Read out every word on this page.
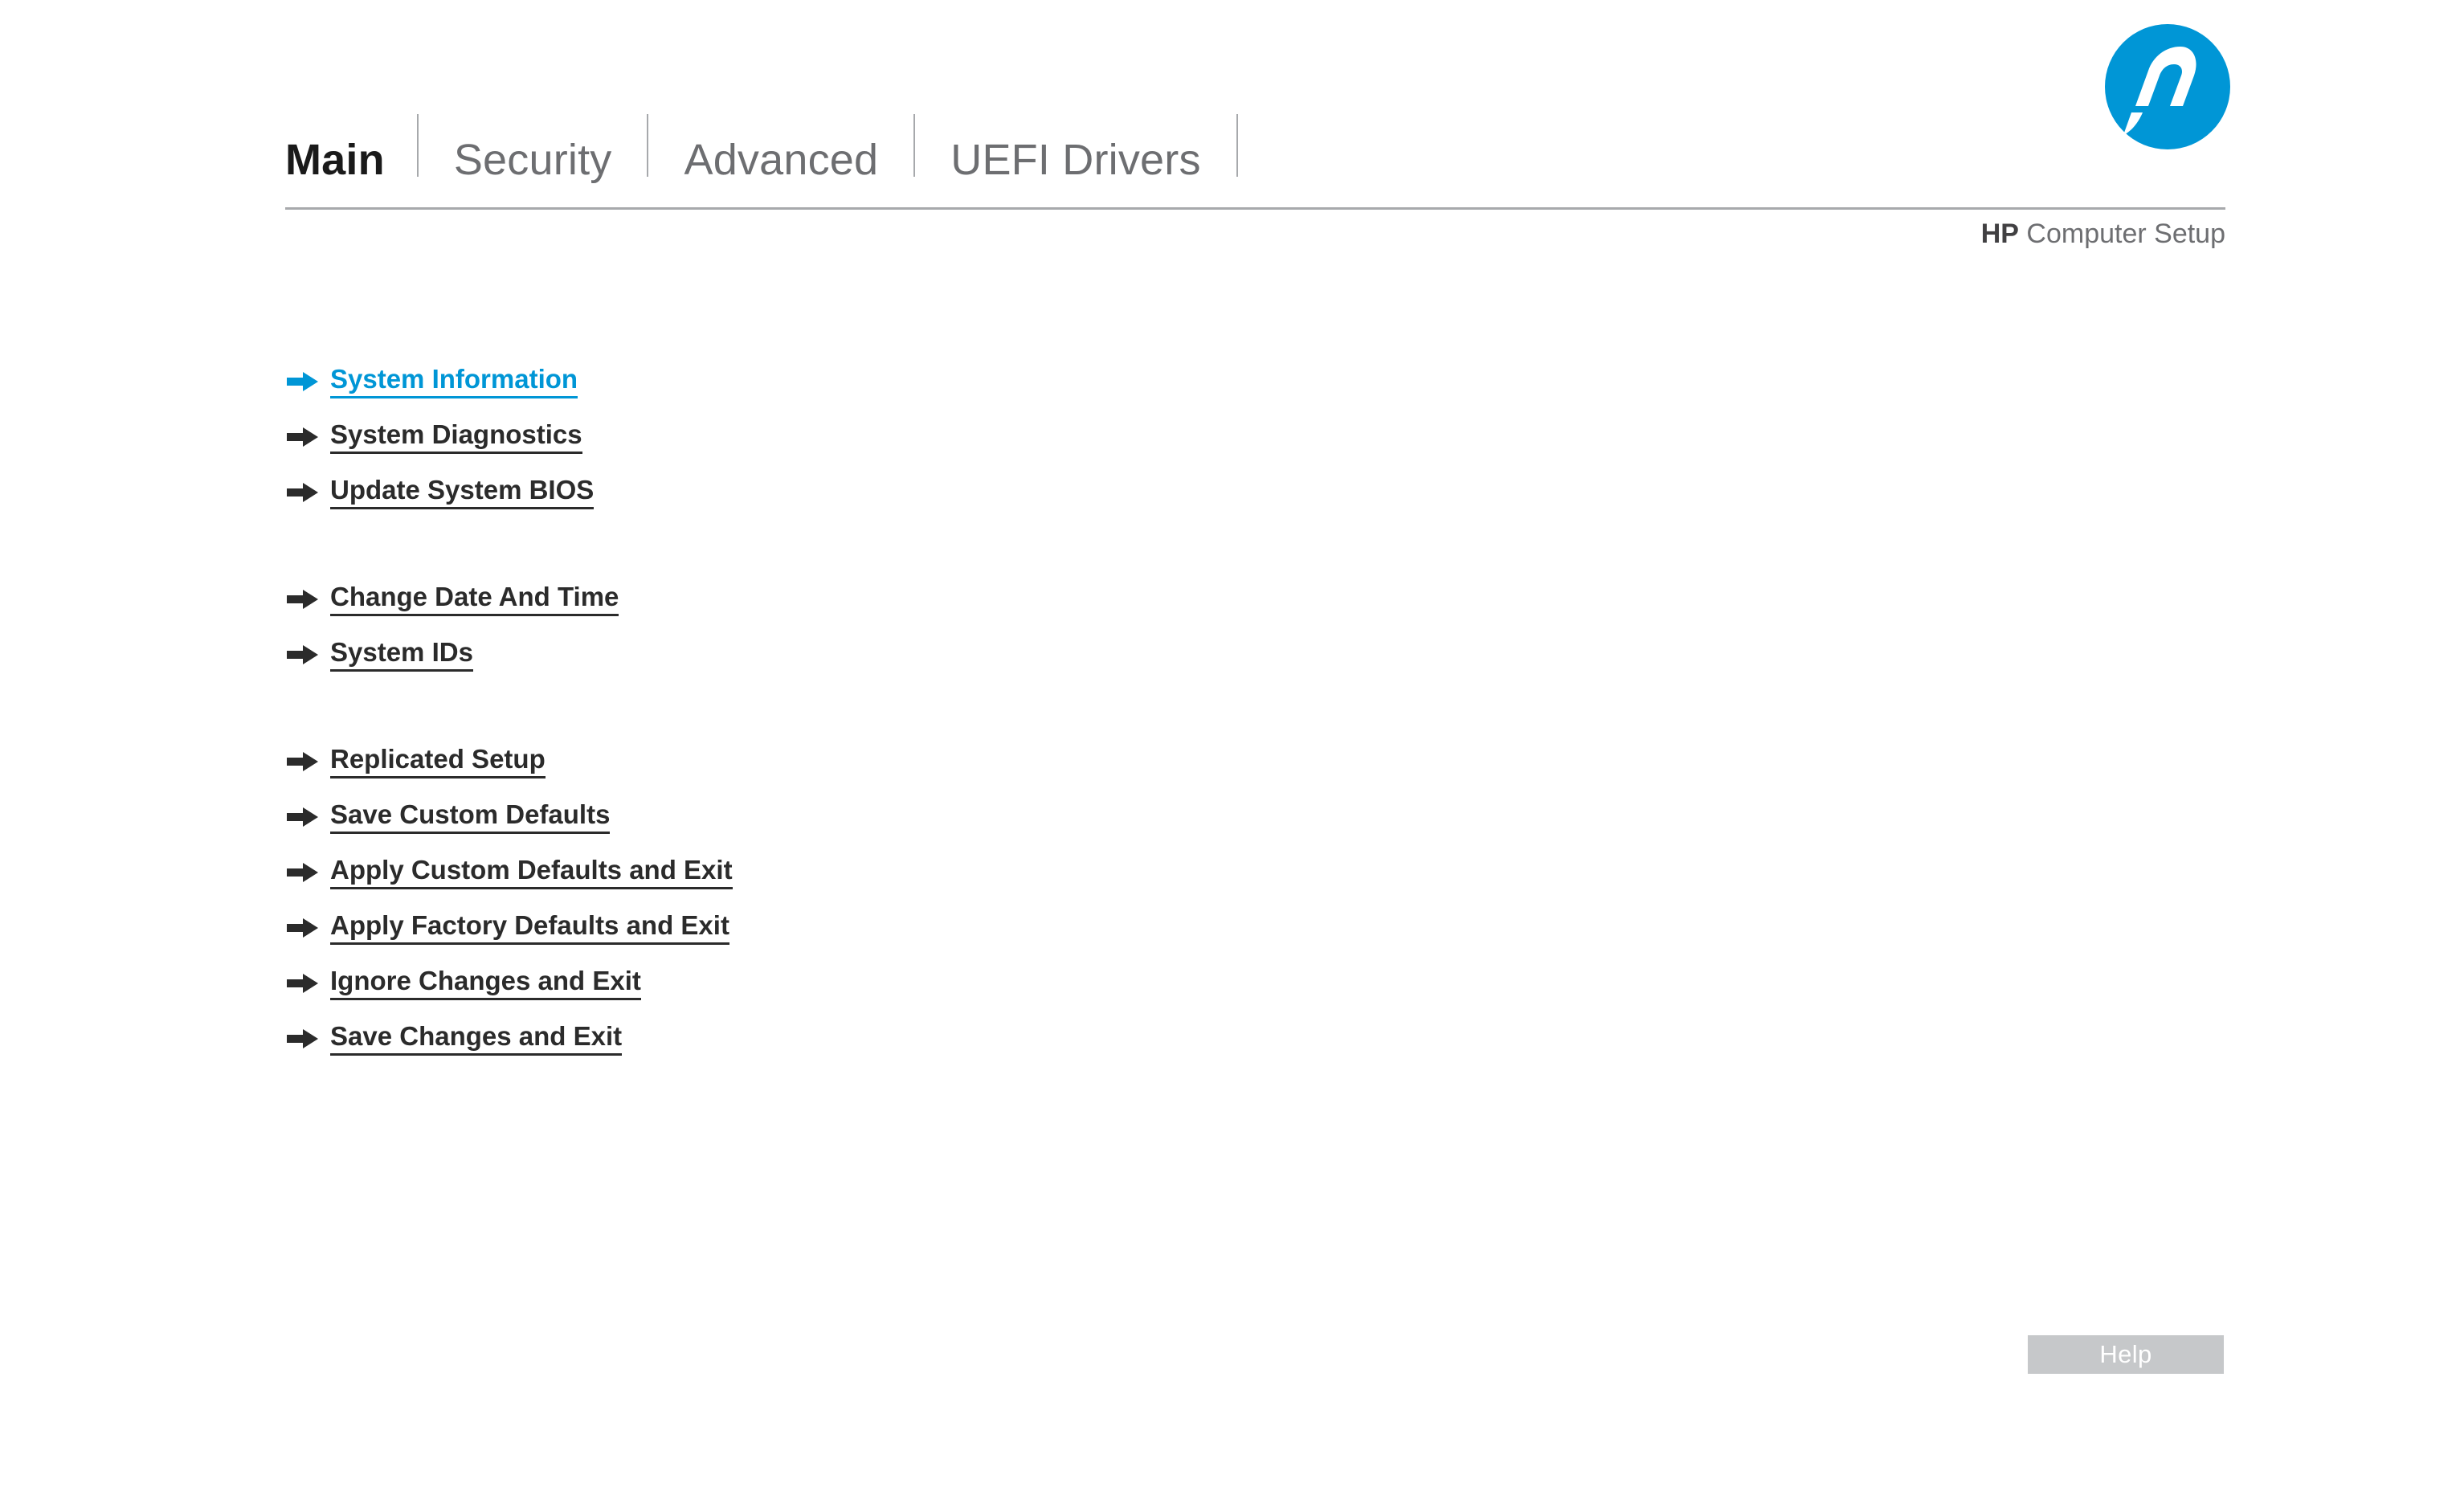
Main	Security	Advanced	UEFI Drivers
HP Computer Setup
System Information
System Diagnostics
Update System BIOS
Change Date And Time
System IDs
Replicated Setup
Save Custom Defaults
Apply Custom Defaults and Exit
Apply Factory Defaults and Exit
Ignore Changes and Exit
Save Changes and Exit
Help
